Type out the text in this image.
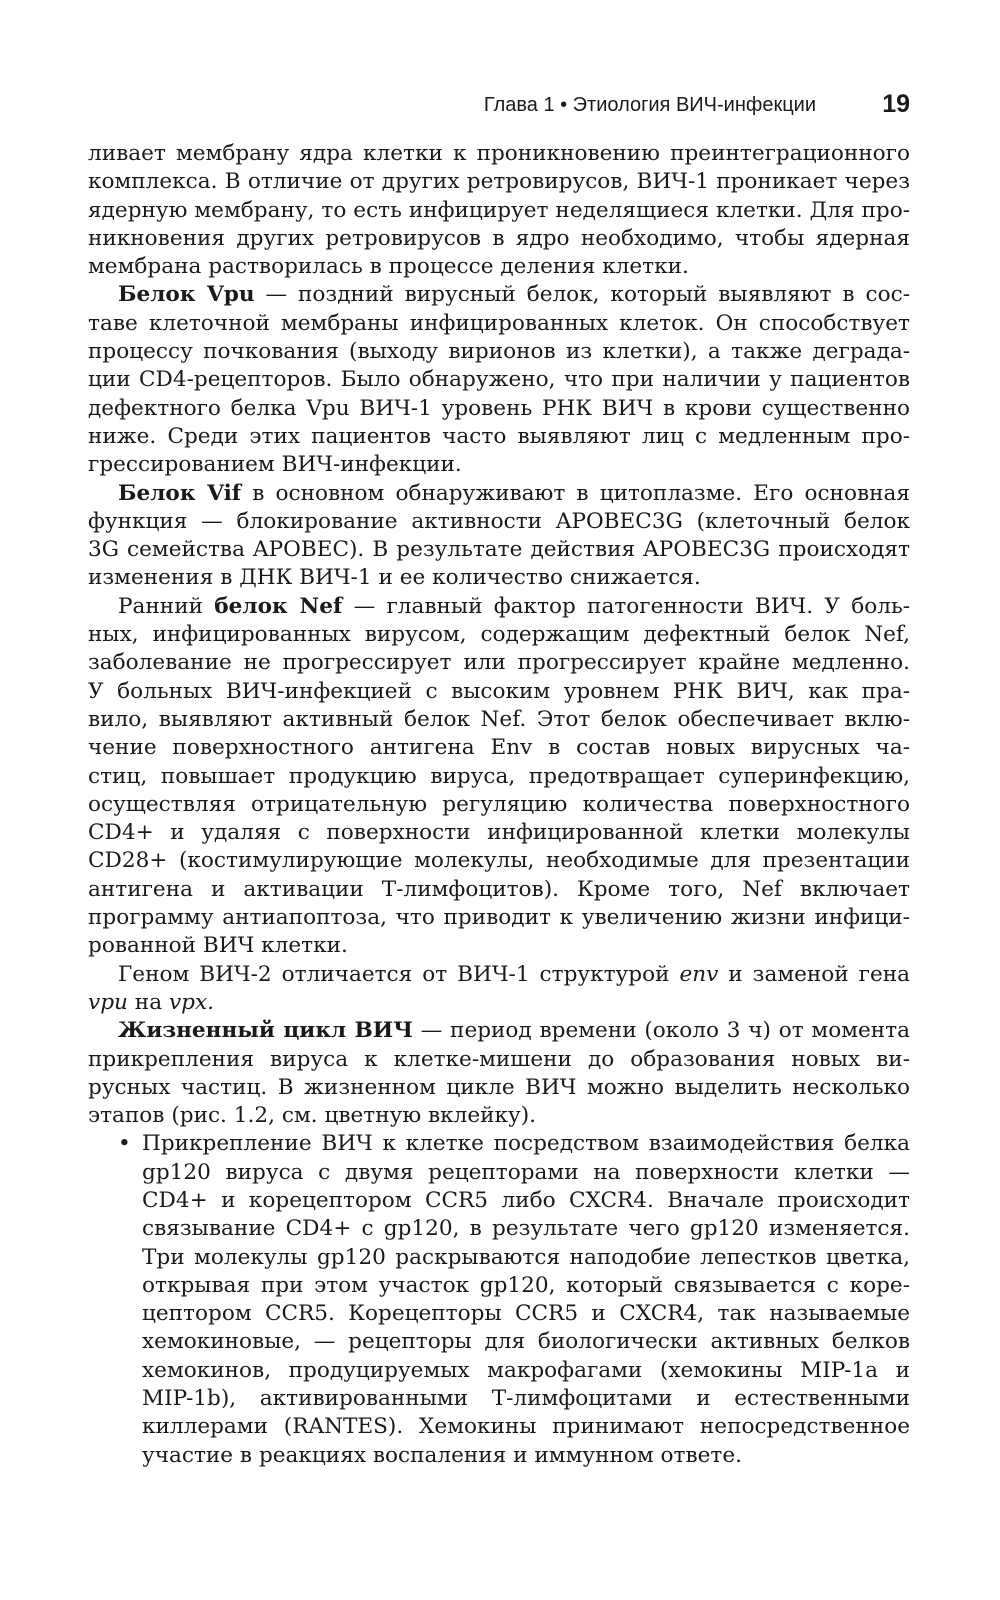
Глава 1 • Этиология ВИЧ-инфекции	19
ливает мембрану ядра клетки к проникновению преинтеграционного
комплекса. В отличие от других ретровирусов, ВИЧ-1 проникает через
ядерную мембрану, то есть инфицирует неделящиеся клетки. Для про-
никновения других ретровирусов в ядро необходимо, чтобы ядерная
мембрана растворилась в процессе деления клетки.
Белок Vpu — поздний вирусный белок, который выявляют в сос-
таве клеточной мембраны инфицированных клеток. Он способствует
процессу почкования (выходу вирионов из клетки), а также деграда-
ции CD4-рецепторов. Было обнаружено, что при наличии у пациентов
дефектного белка Vpu ВИЧ-1 уровень РНК ВИЧ в крови существенно
ниже. Среди этих пациентов часто выявляют лиц с медленным про-
грессированием ВИЧ-инфекции.
Белок Vif в основном обнаруживают в цитоплазме. Его основная
функция — блокирование активности APOBEC3G (клеточный белок
3G семейства APOBEC). В результате действия APOBEC3G происходят
изменения в ДНК ВИЧ-1 и ее количество снижается.
Ранний белок Nef — главный фактор патогенности ВИЧ. У боль-
ных, инфицированных вирусом, содержащим дефектный белок Nef,
заболевание не прогрессирует или прогрессирует крайне медленно.
У больных ВИЧ-инфекцией с высоким уровнем РНК ВИЧ, как пра-
вило, выявляют активный белок Nef. Этот белок обеспечивает вклю-
чение поверхностного антигена Env в состав новых вирусных ча-
стиц, повышает продукцию вируса, предотвращает суперинфекцию,
осуществляя отрицательную регуляцию количества поверхностного
CD4+ и удаляя с поверхности инфицированной клетки молекулы
CD28+ (костимулирующие молекулы, необходимые для презентации
антигена и активации Т-лимфоцитов). Кроме того, Nef включает
программу антиапоптоза, что приводит к увеличению жизни инфици-
рованной ВИЧ клетки.
Геном ВИЧ-2 отличается от ВИЧ-1 структурой env и заменой гена
vpu на vpx.
Жизненный цикл ВИЧ — период времени (около 3 ч) от момента
прикрепления вируса к клетке-мишени до образования новых ви-
русных частиц. В жизненном цикле ВИЧ можно выделить несколько
этапов (рис. 1.2, см. цветную вклейку).
• Прикрепление ВИЧ к клетке посредством взаимодействия белка
gp120 вируса с двумя рецепторами на поверхности клетки —
CD4+ и корецептором CCR5 либо CXCR4. Вначале происходит
связывание CD4+ с gp120, в результате чего gp120 изменяется.
Три молекулы gp120 раскрываются наподобие лепестков цветка,
открывая при этом участок gp120, который связывается с коре-
цептором CCR5. Корецепторы CCR5 и CXCR4, так называемые
хемокиновые, — рецепторы для биологически активных белков
хемокинов, продуцируемых макрофагами (хемокины MIP-1a и
MIP-1b), активированными Т-лимфоцитами и естественными
киллерами (RANTES). Хемокины принимают непосредственное
участие в реакциях воспаления и иммунном ответе.
